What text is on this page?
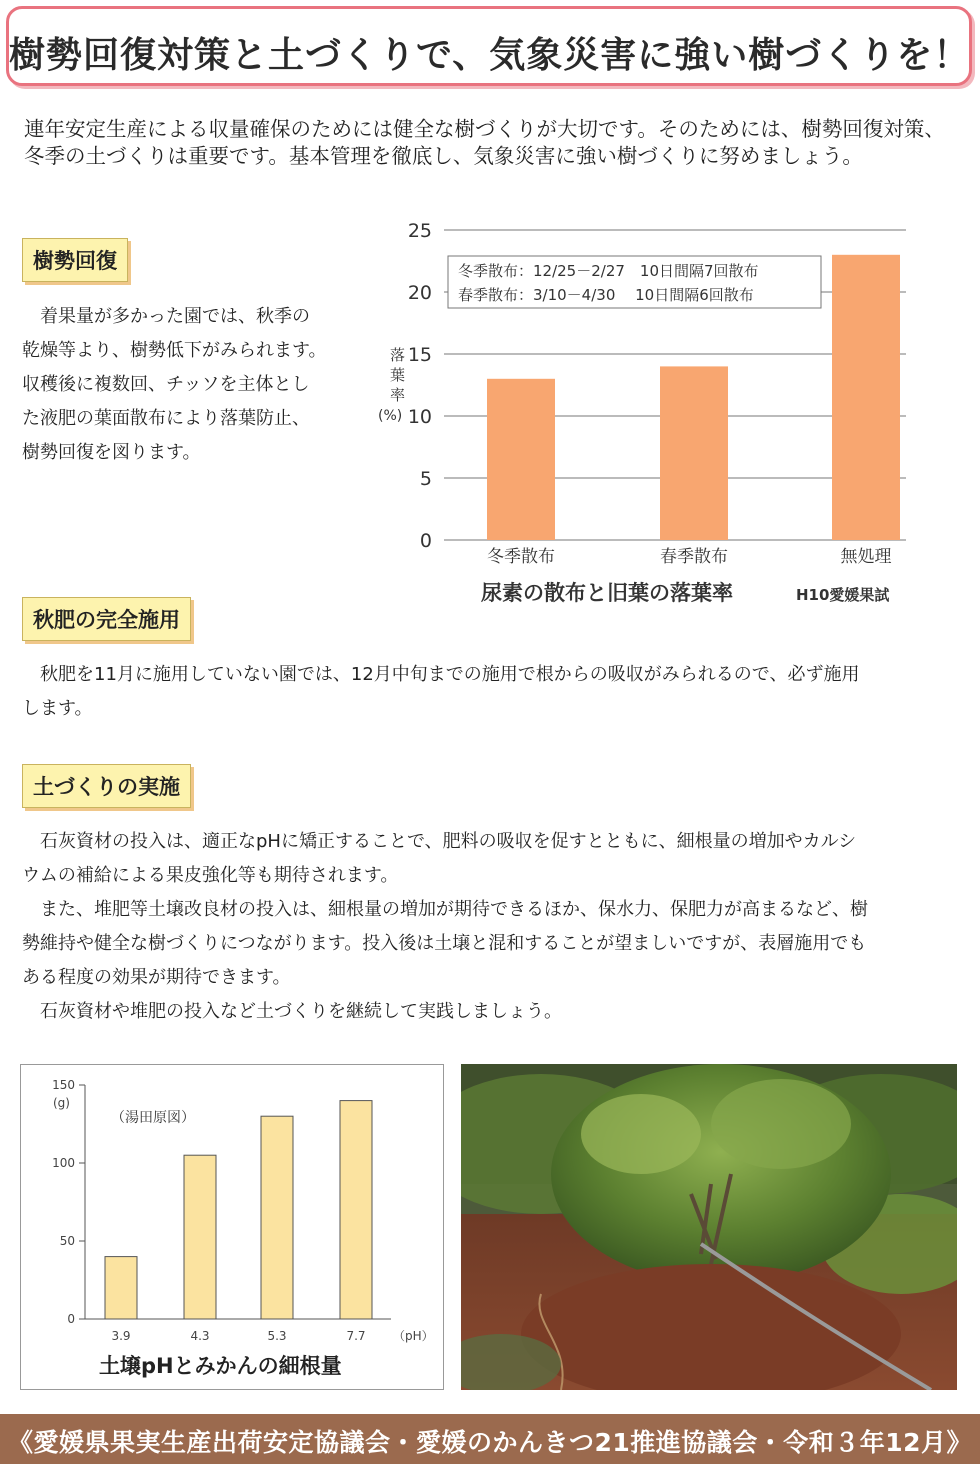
樹勢回復対策と土づくりで、気象災害に強い樹づくりを！
連年安定生産による収量確保のためには健全な樹づくりが大切です。そのためには、樹勢回復対策、冬季の土づくりは重要です。基本管理を徹底し、気象災害に強い樹づくりに努めましょう。
樹勢回復
着果量が多かった園では、秋季の
乾燥等より、樹勢低下がみられます。
収穫後に複数回、チッソを主体とし
た液肥の葉面散布により落葉防止、
樹勢回復を図ります。
0
5
10
15
20
25
冬季散布	春季散布	無処理
冬季散布：12/25－2/27　10日間隔7回散布
春季散布：3/10－4/30　 10日間隔6回散布
落
葉
率
(%)
尿素の散布と旧葉の落葉率	H10愛媛果試
秋肥の完全施用
秋肥を11月に施用していない園では、12月中旬までの施用で根からの吸収がみられるので、必ず施用
します。
土づくりの実施
石灰資材の投入は、適正なpHに矯正することで、肥料の吸収を促すとともに、細根量の増加やカルシ
ウムの補給による果皮強化等も期待されます。
また、堆肥等土壌改良材の投入は、細根量の増加が期待できるほか、保水力、保肥力が高まるなど、樹
勢維持や健全な樹づくりにつながります。投入後は土壌と混和することが望ましいですが、表層施用でも
ある程度の効果が期待できます。
石灰資材や堆肥の投入など土づくりを継続して実践しましょう。
0
50
100
150
3.9	4.3	5.3	7.7
(g)
（pH）
（湯田原図）
土壌pHとみかんの細根量
《愛媛県果実生産出荷安定協議会・愛媛のかんきつ21推進協議会・令和３年12月》
